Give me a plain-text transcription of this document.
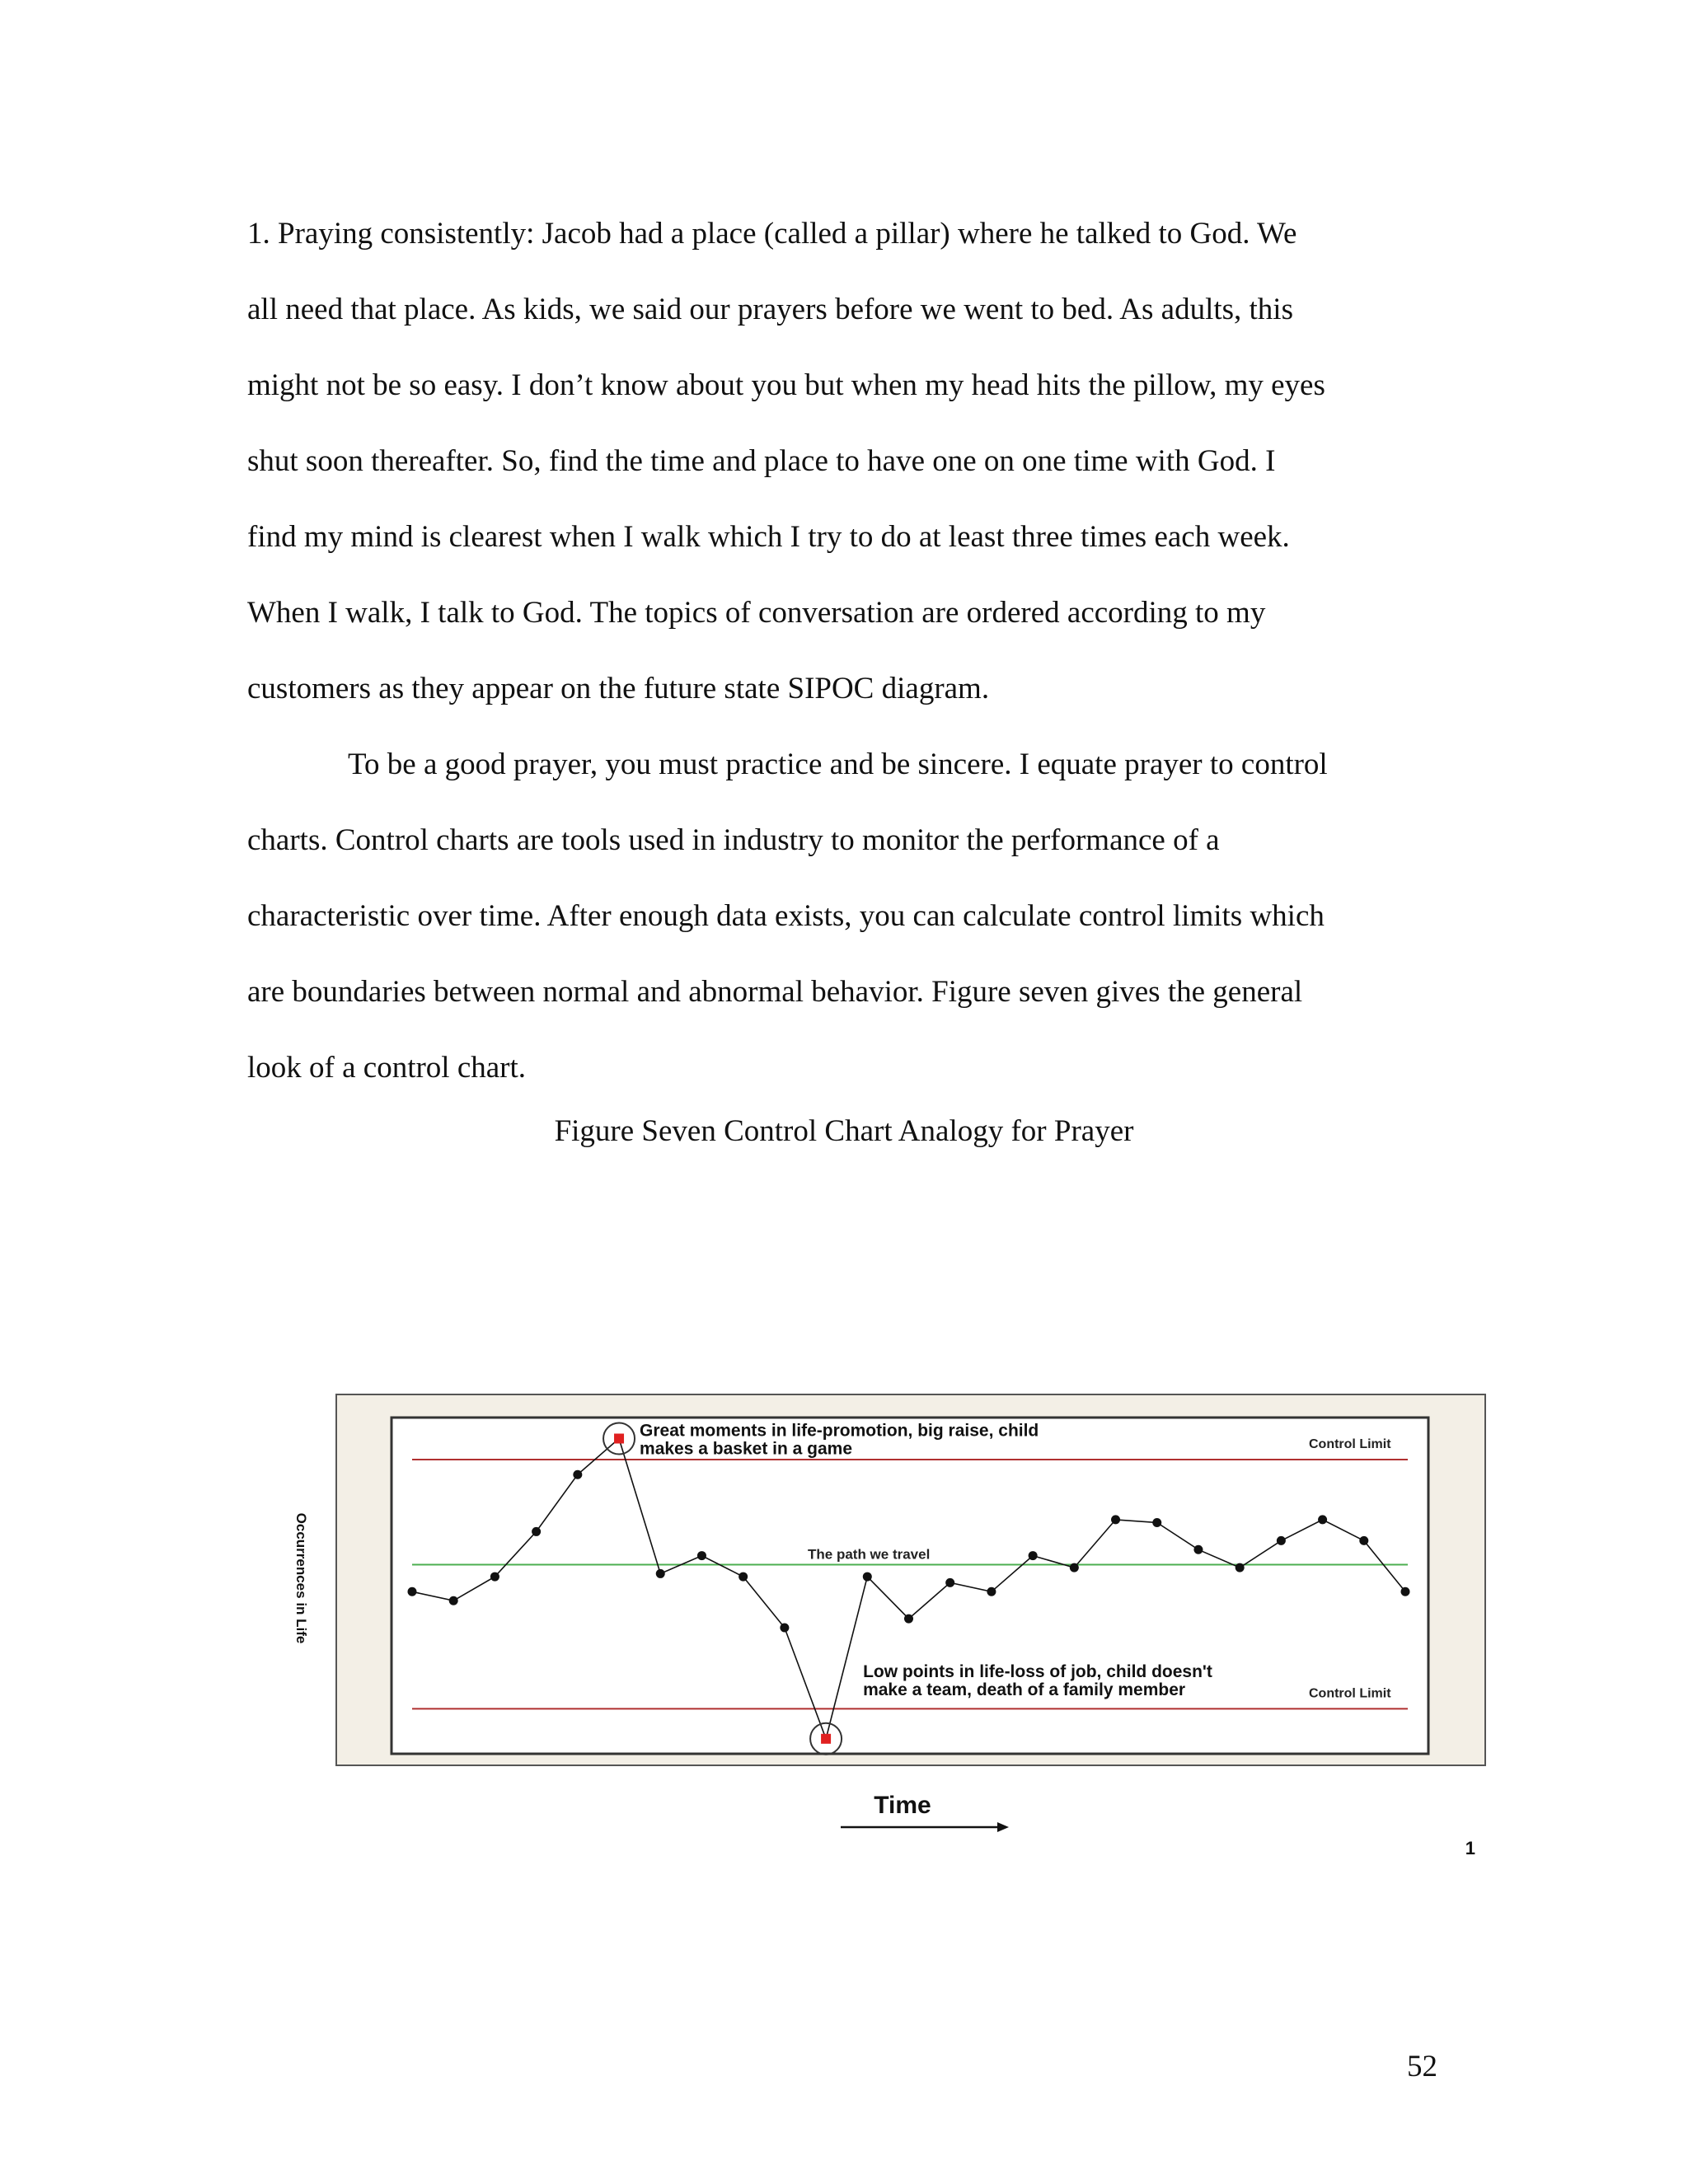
1. Praying consistently: Jacob had a place (called a pillar) where he talked to God. We
all need that place. As kids, we said our prayers before we went to bed. As adults, this
might not be so easy. I don’t know about you but when my head hits the pillow, my eyes
shut soon thereafter. So, find the time and place to have one on one time with God. I
find my mind is clearest when I walk which I try to do at least three times each week.
When I walk, I talk to God. The topics of conversation are ordered according to my
customers as they appear on the future state SIPOC diagram.
To be a good prayer, you must practice and be sincere. I equate prayer to control
charts. Control charts are tools used in industry to monitor the performance of a
characteristic over time. After enough data exists, you can calculate control limits which
are boundaries between normal and abnormal behavior. Figure seven gives the general
look of a control chart.
Figure Seven Control Chart Analogy for Prayer
The path we travel
Control Limit
Control Limit
Great moments in life-promotion, big raise, child
makes a basket in a game
Low points in life-loss of job, child doesn't
make a team, death of a family member
Occurrences in Life
Time
1
52
